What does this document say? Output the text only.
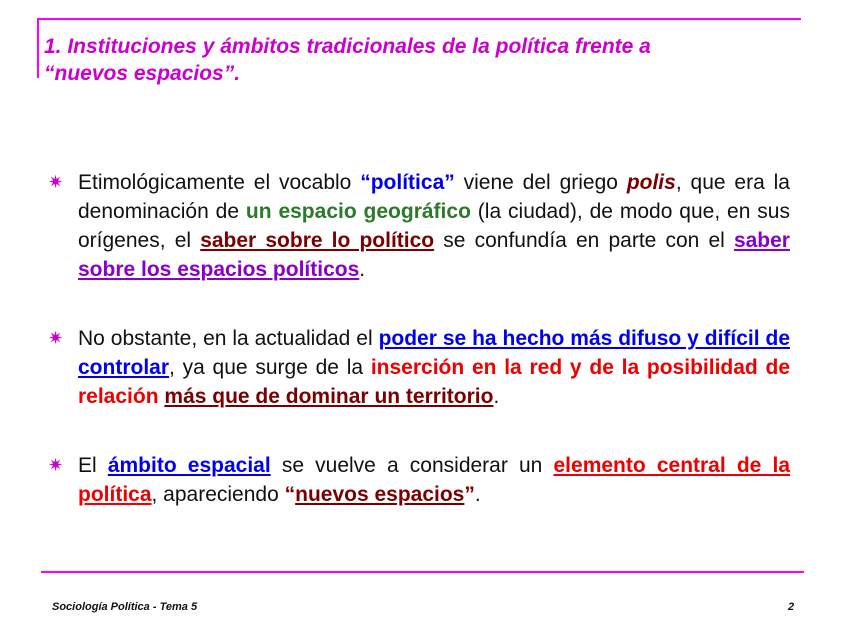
1. Instituciones y ámbitos tradicionales de la política frente a
“nuevos espacios”.

✷ Etimológicamente el vocablo “política” viene del griego polis, que era la denominación de un espacio geográfico (la ciudad), de modo que, en sus orígenes, el saber sobre lo político se confundía en parte con el saber sobre los espacios políticos.

✷ No obstante, en la actualidad el poder se ha hecho más difuso y difícil de controlar, ya que surge de la inserción en la red y de la posibilidad de relación más que de dominar un territorio.

✷ El ámbito espacial se vuelve a considerar un elemento central de la política, apareciendo “nuevos espacios”.

Sociología Política - Tema 5	2
